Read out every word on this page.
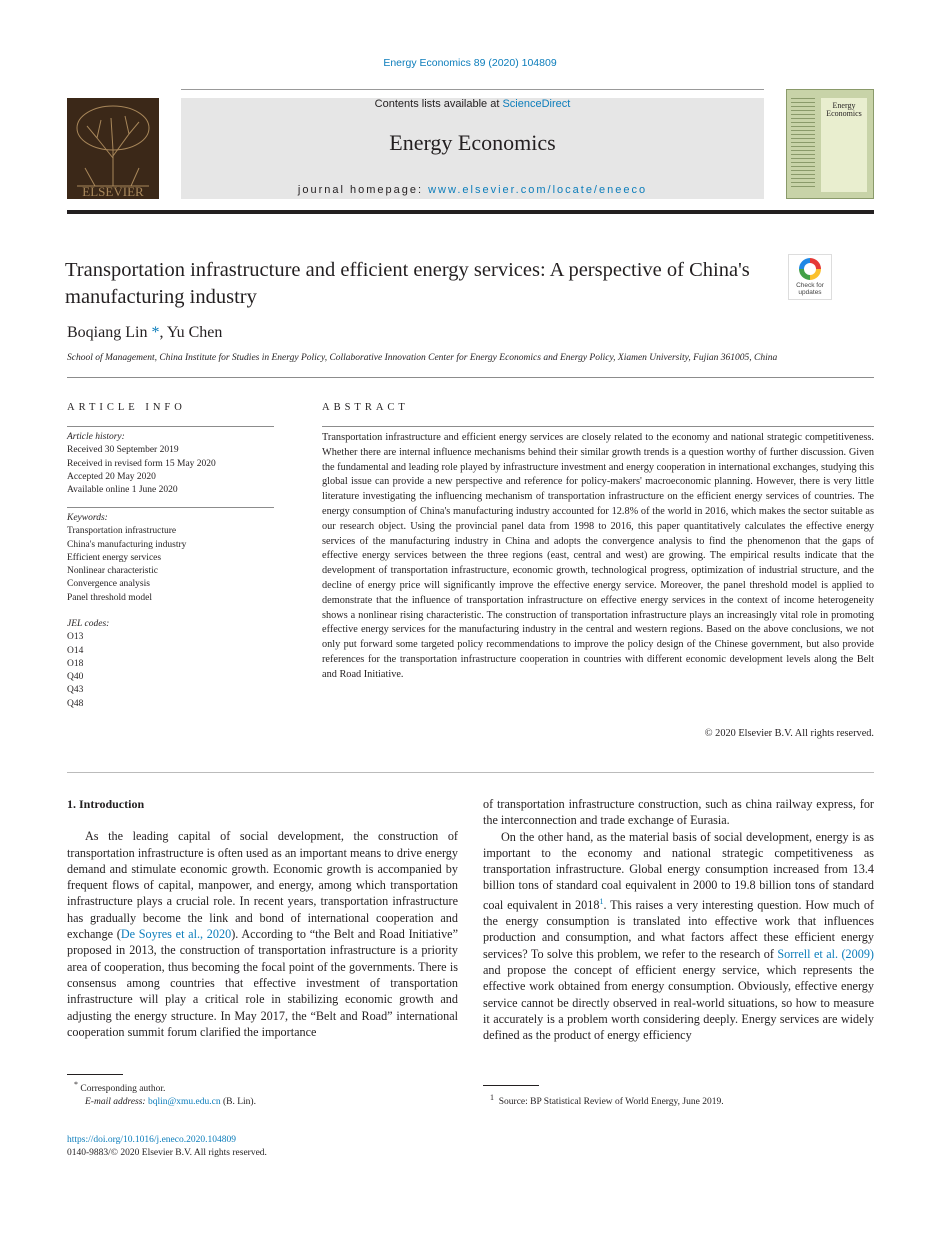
Energy Economics 89 (2020) 104809
ELSEVIER
Contents lists available at ScienceDirect
Energy Economics
journal homepage: www.elsevier.com/locate/eneeco
Energy Economics
Transportation infrastructure and efficient energy services: A perspective of China's manufacturing industry
Check for updates
Boqiang Lin *, Yu Chen
School of Management, China Institute for Studies in Energy Policy, Collaborative Innovation Center for Energy Economics and Energy Policy, Xiamen University, Fujian 361005, China
ARTICLE INFO
Article history:
Received 30 September 2019
Received in revised form 15 May 2020
Accepted 20 May 2020
Available online 1 June 2020
Keywords:
Transportation infrastructure
China's manufacturing industry
Efficient energy services
Nonlinear characteristic
Convergence analysis
Panel threshold model
JEL codes:
O13
O14
O18
Q40
Q43
Q48
ABSTRACT
Transportation infrastructure and efficient energy services are closely related to the economy and national strategic competitiveness. Whether there are internal influence mechanisms behind their similar growth trends is a question worthy of further discussion. Given the fundamental and leading role played by infrastructure investment and energy cooperation in international exchanges, studying this global issue can provide a new perspective and reference for policy-makers' macroeconomic planning. However, there is very little literature investigating the influencing mechanism of transportation infrastructure on the efficient energy services of countries. The energy consumption of China's manufacturing industry accounted for 12.8% of the world in 2016, which makes the sector suitable as our research object. Using the provincial panel data from 1998 to 2016, this paper quantitatively calculates the effective energy services of the manufacturing industry in China and adopts the convergence analysis to find the phenomenon that the gaps of effective energy services between the three regions (east, central and west) are growing. The empirical results indicate that the development of transportation infrastructure, economic growth, technological progress, optimization of industrial structure, and the decline of energy price will significantly improve the effective energy service. Moreover, the panel threshold model is applied to demonstrate that the influence of transportation infrastructure on effective energy services in the context of income heterogeneity shows a nonlinear rising characteristic. The construction of transportation infrastructure plays an increasingly vital role in promoting effective energy services for the manufacturing industry in the central and western regions. Based on the above conclusions, we not only put forward some targeted policy recommendations to improve the policy design of the Chinese government, but also provide references for the transportation infrastructure cooperation in countries with different economic development levels along the Belt and Road Initiative.
© 2020 Elsevier B.V. All rights reserved.

1. Introduction

As the leading capital of social development, the construction of transportation infrastructure is often used as an important means to drive energy demand and stimulate economic growth. Economic growth is accompanied by frequent flows of capital, manpower, and energy, among which transportation infrastructure plays a crucial role. In recent years, transportation infrastructure has gradually become the link and bond of international cooperation and exchange (De Soyres et al., 2020). According to “the Belt and Road Initiative” proposed in 2013, the construction of transportation infrastructure is a priority area of cooperation, thus becoming the focal point of the governments. There is consensus among countries that effective investment of transportation infrastructure will play a critical role in stabilizing economic growth and adjusting the energy structure. In May 2017, the “Belt and Road” international cooperation summit forum clarified the importance

of transportation infrastructure construction, such as china railway express, for the interconnection and trade exchange of Eurasia.

On the other hand, as the material basis of social development, energy is as important to the economy and national strategic competitiveness as transportation infrastructure. Global energy consumption increased from 13.4 billion tons of standard coal equivalent in 2000 to 19.8 billion tons of standard coal equivalent in 2018$^1$. This raises a very interesting question. How much of the energy consumption is translated into effective work that influences production and consumption, and what factors affect these efficient energy services? To solve this problem, we refer to the research of Sorrell et al. (2009) and propose the concept of efficient energy service, which represents the effective work obtained from energy consumption. Obviously, effective energy service cannot be directly observed in real-world situations, so how to measure it accurately is a problem worth considering deeply. Energy services are widely defined as the product of energy efficiency

* Corresponding author.
E-mail address: bqlin@xmu.edu.cn (B. Lin).	$^1$ Source: BP Statistical Review of World Energy, June 2019.
https://doi.org/10.1016/j.eneco.2020.104809
0140-9883/© 2020 Elsevier B.V. All rights reserved.
